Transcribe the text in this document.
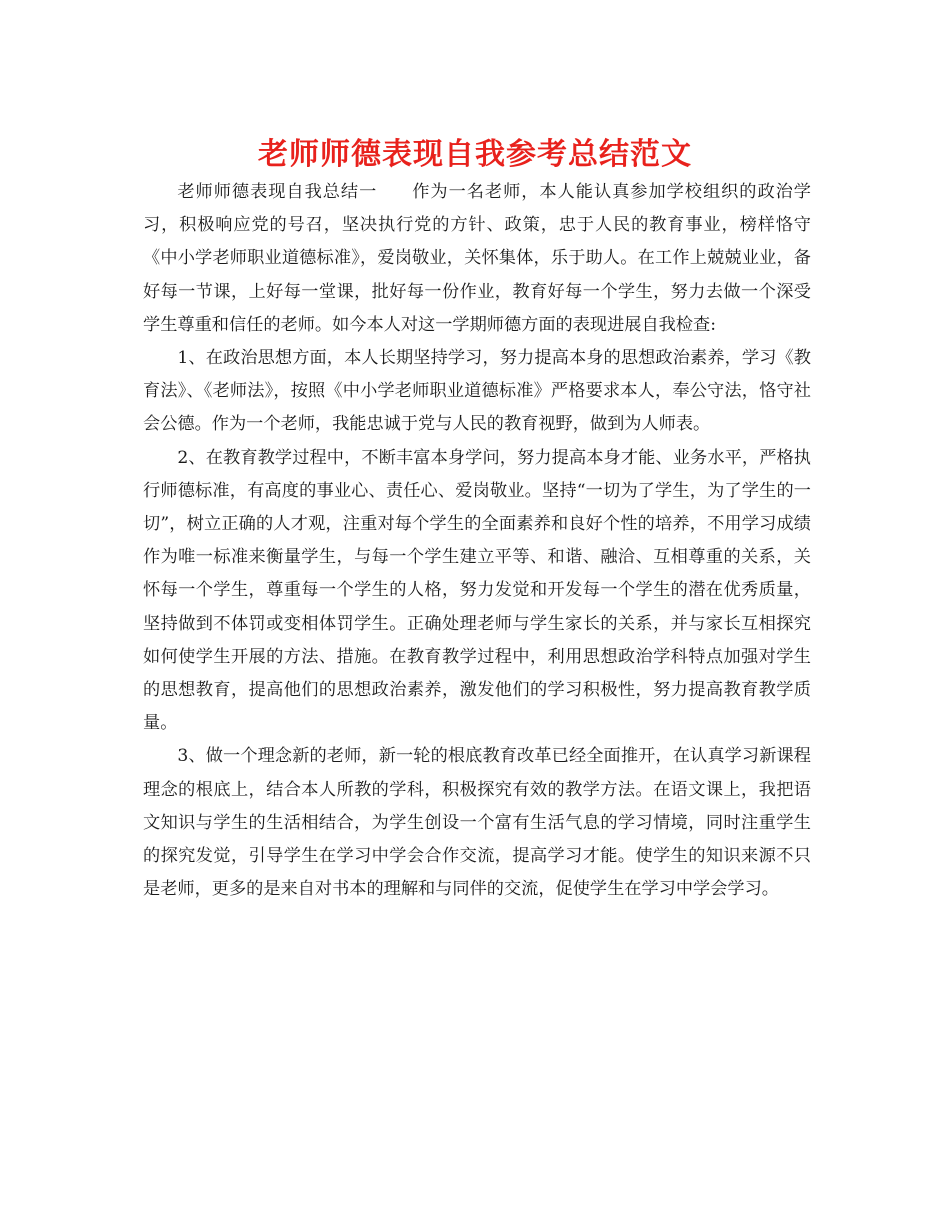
老师师德表现自我参考总结范文

老师师德表现自我总结一 作为一名老师，本人能认真参加学校组织的政治学习，积极响应党的号召，坚决执行党的方针、政策，忠于人民的教育事业，榜样恪守《中小学老师职业道德标准》，爱岗敬业，关怀集体，乐于助人。在工作上兢兢业业，备好每一节课，上好每一堂课，批好每一份作业，教育好每一个学生，努力去做一个深受学生尊重和信任的老师。如今本人对这一学期师德方面的表现进展自我检查:

1、在政治思想方面，本人长期坚持学习，努力提高本身的思想政治素养，学习《教育法》、《老师法》，按照《中小学老师职业道德标准》严格要求本人，奉公守法，恪守社会公德。作为一个老师，我能忠诚于党与人民的教育视野，做到为人师表。

2、在教育教学过程中，不断丰富本身学问，努力提高本身才能、业务水平，严格执行师德标准，有高度的事业心、责任心、爱岗敬业。坚持“一切为了学生，为了学生的一切”，树立正确的人才观，注重对每个学生的全面素养和良好个性的培养，不用学习成绩作为唯一标准来衡量学生，与每一个学生建立平等、和谐、融洽、互相尊重的关系，关怀每一个学生，尊重每一个学生的人格，努力发觉和开发每一个学生的潜在优秀质量，坚持做到不体罚或变相体罚学生。正确处理老师与学生家长的关系，并与家长互相探究如何使学生开展的方法、措施。在教育教学过程中，利用思想政治学科特点加强对学生的思想教育，提高他们的思想政治素养，激发他们的学习积极性，努力提高教育教学质量。

3、做一个理念新的老师，新一轮的根底教育改革已经全面推开，在认真学习新课程理念的根底上，结合本人所教的学科，积极探究有效的教学方法。在语文课上，我把语文知识与学生的生活相结合，为学生创设一个富有生活气息的学习情境，同时注重学生的探究发觉，引导学生在学习中学会合作交流，提高学习才能。使学生的知识来源不只是老师，更多的是来自对书本的理解和与同伴的交流，促使学生在学习中学会学习。
